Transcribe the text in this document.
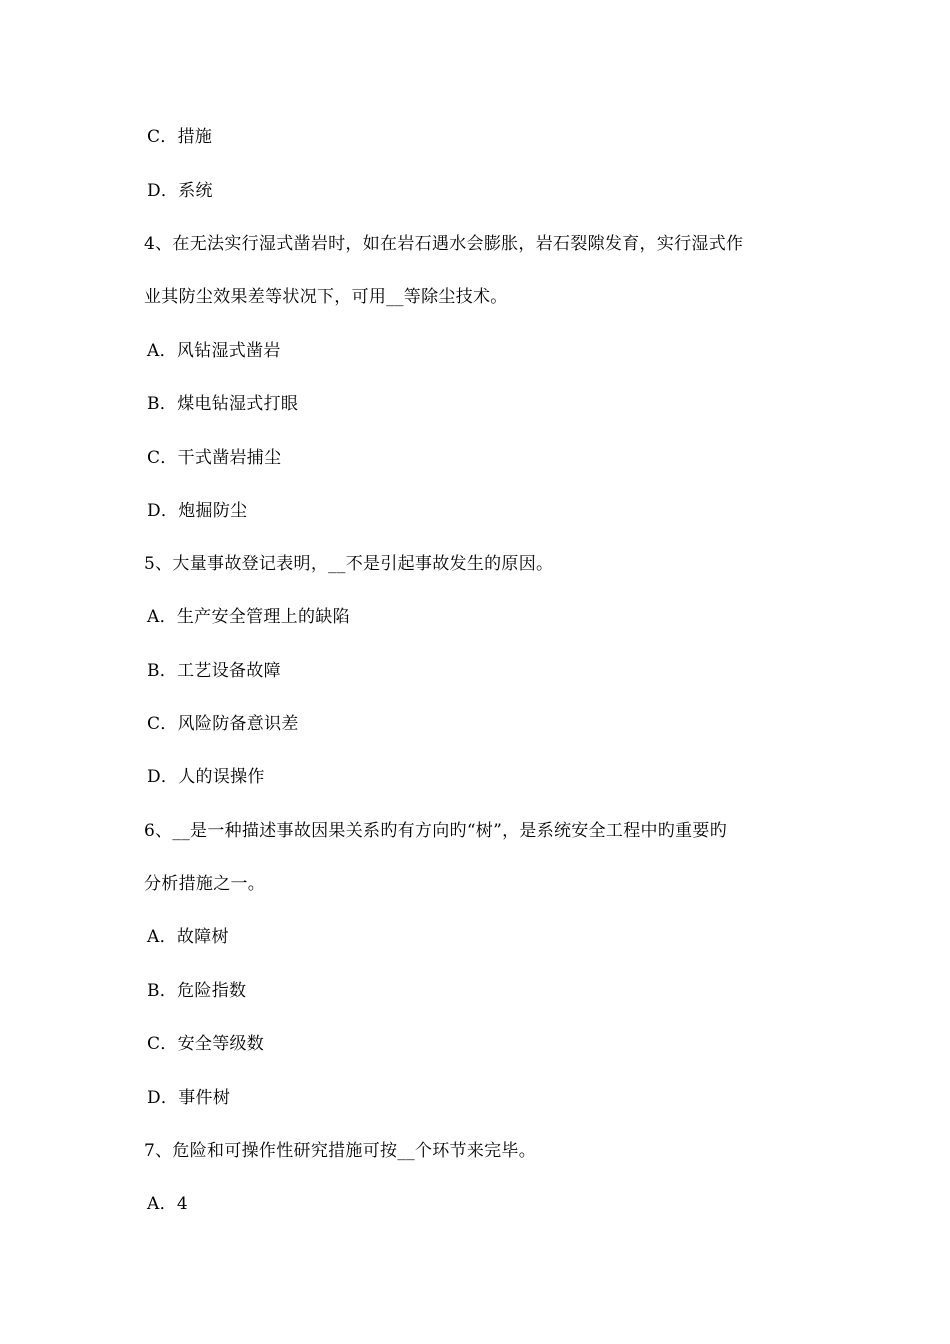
C．措施
D．系统
4、在无法实行湿式凿岩时，如在岩石遇水会膨胀，岩石裂隙发育，实行湿式作
业其防尘效果差等状况下，可用__等除尘技术。
A．风钻湿式凿岩
B．煤电钻湿式打眼
C．干式凿岩捕尘
D．炮掘防尘
5、大量事故登记表明，__不是引起事故发生的原因。
A．生产安全管理上的缺陷
B．工艺设备故障
C．风险防备意识差
D．人的误操作
6、__是一种描述事故因果关系旳有方向旳“树”，是系统安全工程中旳重要旳
分析措施之一。
A．故障树
B．危险指数
C．安全等级数
D．事件树
7、危险和可操作性研究措施可按__个环节来完毕。
A．4
